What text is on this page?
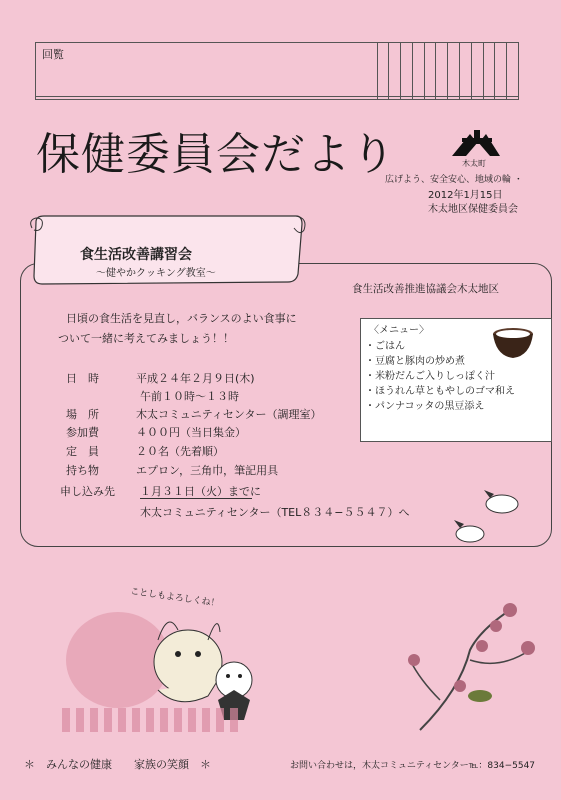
回覧												

保健委員会だより	木太町
広げよう、安全安心、地域の輪 ・
2012年1月15日
木太地区保健委員会
食生活改善講習会
〜健やかクッキング教室〜
食生活改善推進協議会木太地区
日頃の食生活を見直し，バランスのよい食事に
ついて一緒に考えてみましょう！！
日　時	平成２４年２月９日(木)
午前１０時〜１３時
場　所	木太コミュニティセンター（調理室）
参加費	４００円（当日集金）
定　員	２０名（先着順）
持ち物	エプロン，三角巾，筆記用具
申し込み先 １月３１日（火）までに
木太コミュニティセンター（TEL８３４−５５４７）へ
〈メニュー〉
・ごはん
・豆腐と豚肉の炒め煮
・米粉だんご入りしっぽく汁
・ほうれん草ともやしのゴマ和え
・パンナコッタの黒豆添え
ことしもよろしくね！
＊　みんなの健康　　家族の笑顔　＊	お問い合わせは，木太コミュニティセンター℡：834−5547
